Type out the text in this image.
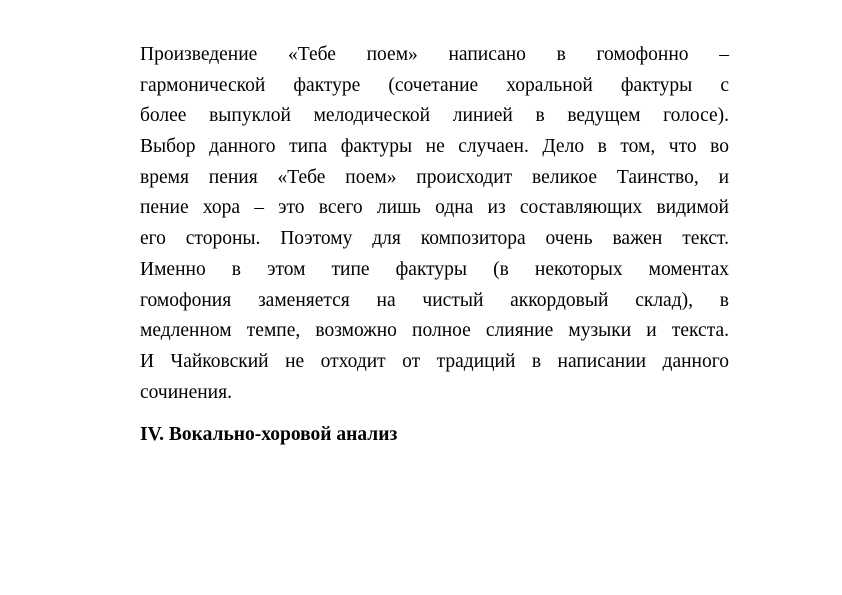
Произведение «Тебе поем» написано в гомофонно –
гармонической фактуре (сочетание хоральной фактуры с
более выпуклой мелодической линией в ведущем голосе).
Выбор данного типа фактуры не случаен. Дело в том, что во
время пения «Тебе поем» происходит великое Таинство, и
пение хора – это всего лишь одна из составляющих видимой
его стороны. Поэтому для композитора очень важен текст.
Именно в этом типе фактуры (в некоторых моментах
гомофония заменяется на чистый аккордовый склад), в
медленном темпе, возможно полное слияние музыки и текста.
И Чайковский не отходит от традиций в написании данного
сочинения.
IV. Вокально-хоровой анализ
